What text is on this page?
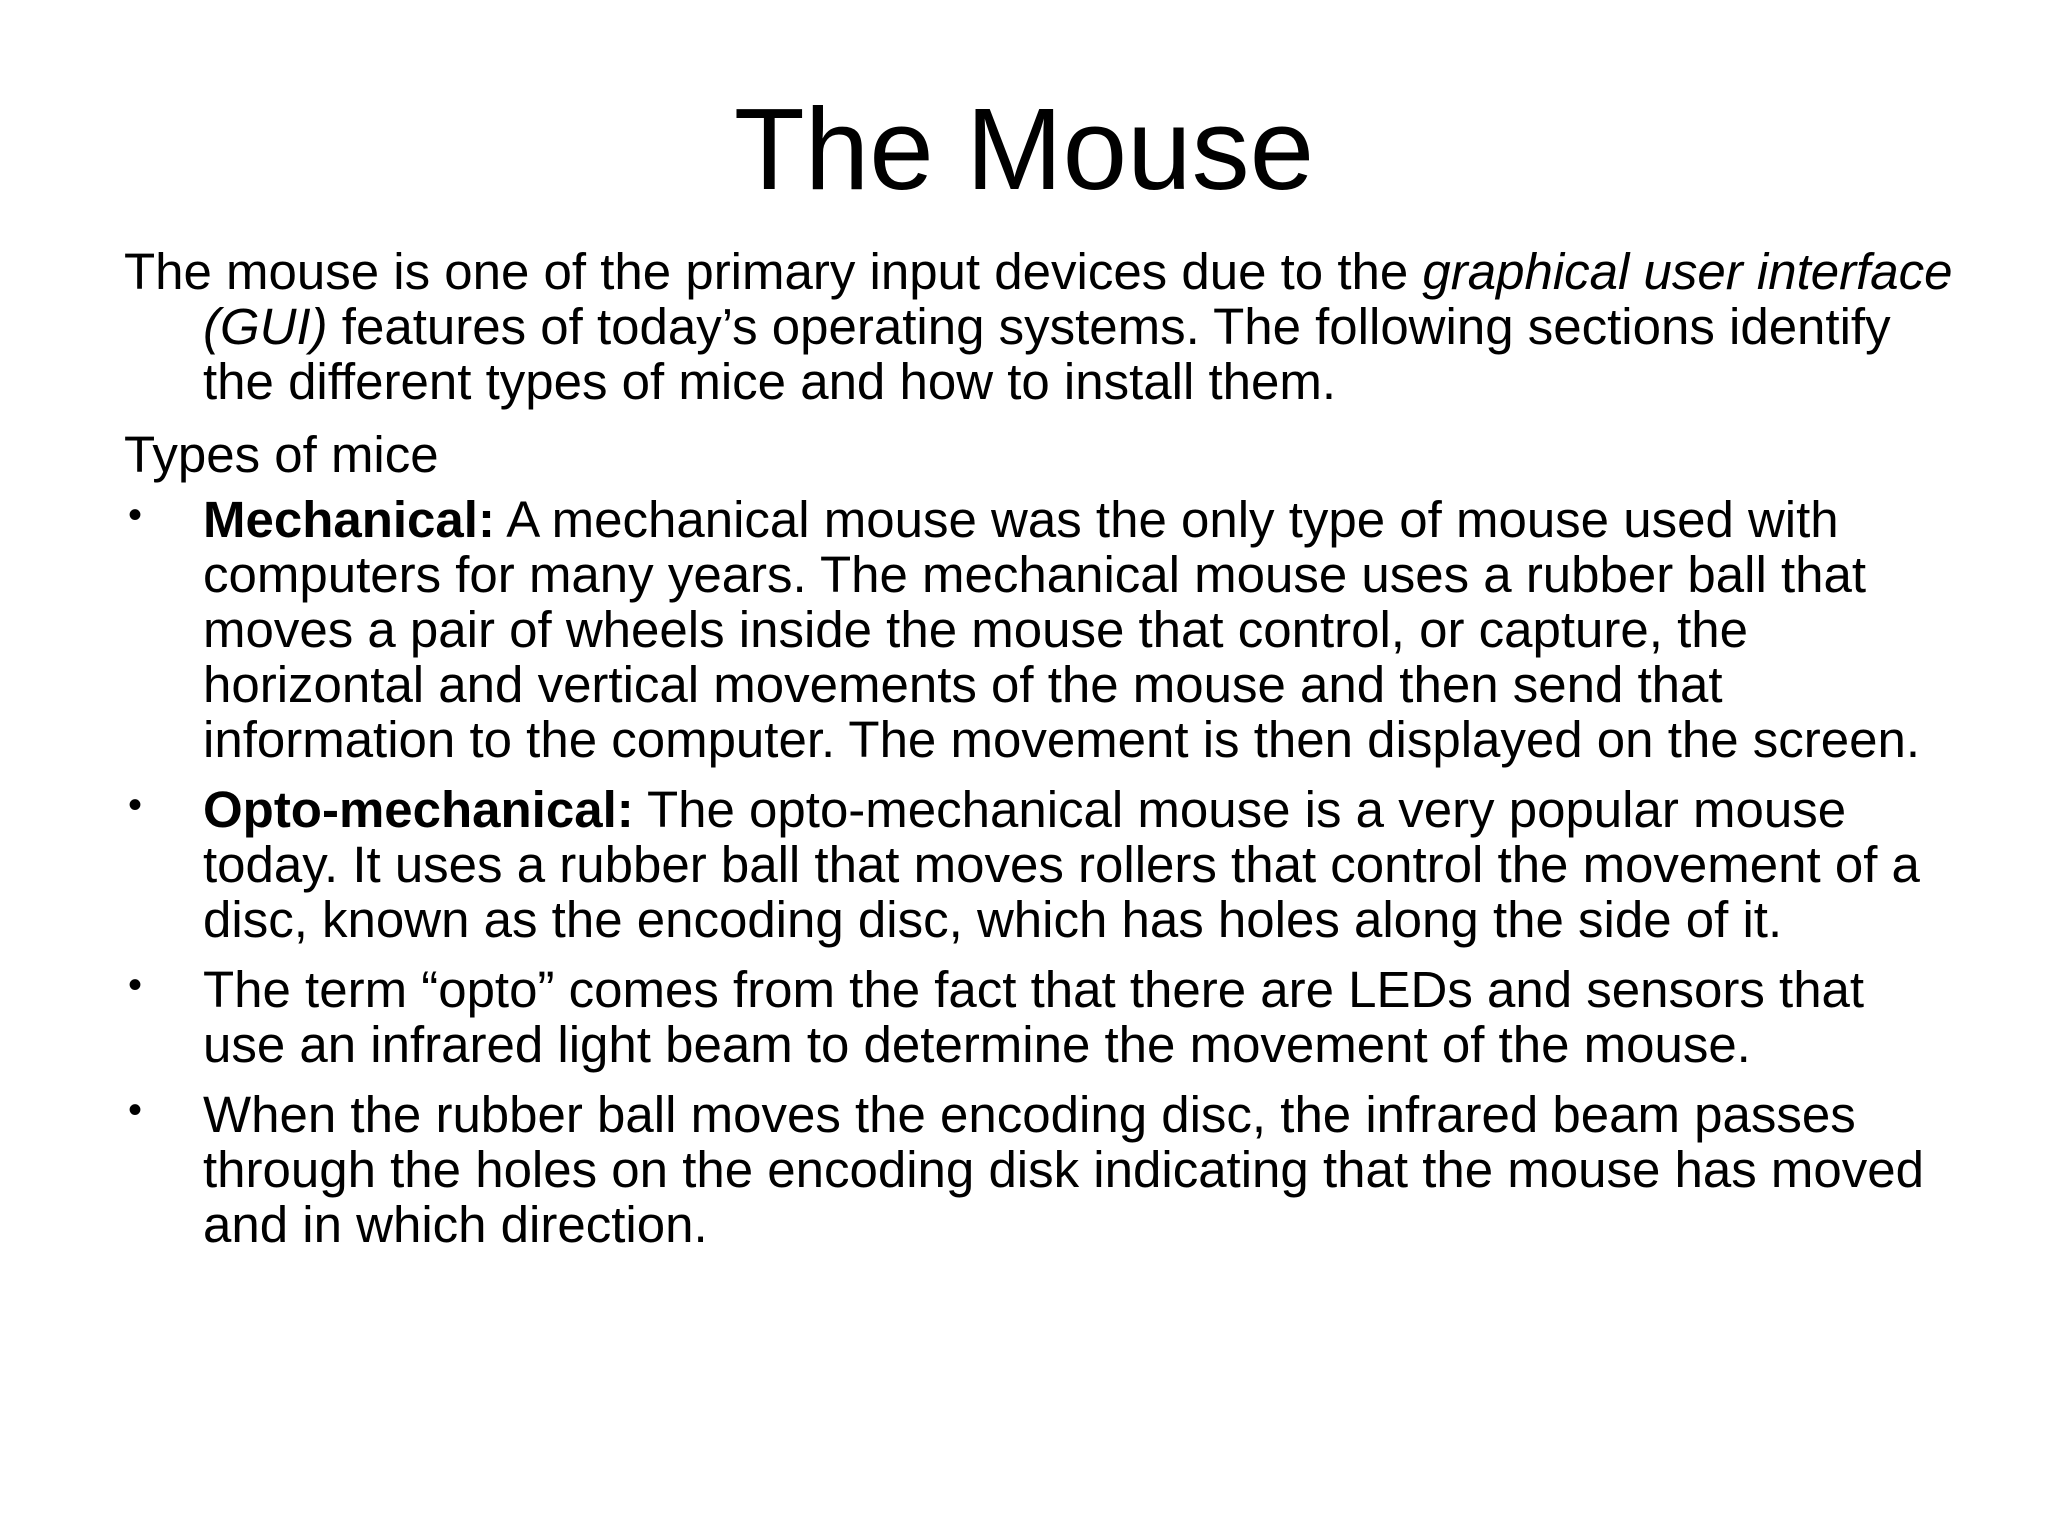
The Mouse

The mouse is one of the primary input devices due to the graphical user interface (GUI) features of today’s operating systems. The following sections identify the different types of mice and how to install them.

Types of mice

• Mechanical: A mechanical mouse was the only type of mouse used with computers for many years. The mechanical mouse uses a rubber ball that moves a pair of wheels inside the mouse that control, or capture, the horizontal and vertical movements of the mouse and then send that information to the computer. The movement is then displayed on the screen.
• Opto-mechanical: The opto-mechanical mouse is a very popular mouse today. It uses a rubber ball that moves rollers that control the movement of a disc, known as the encoding disc, which has holes along the side of it.
• The term “opto” comes from the fact that there are LEDs and sensors that use an infrared light beam to determine the movement of the mouse.
• When the rubber ball moves the encoding disc, the infrared beam passes through the holes on the encoding disk indicating that the mouse has moved and in which direction.
